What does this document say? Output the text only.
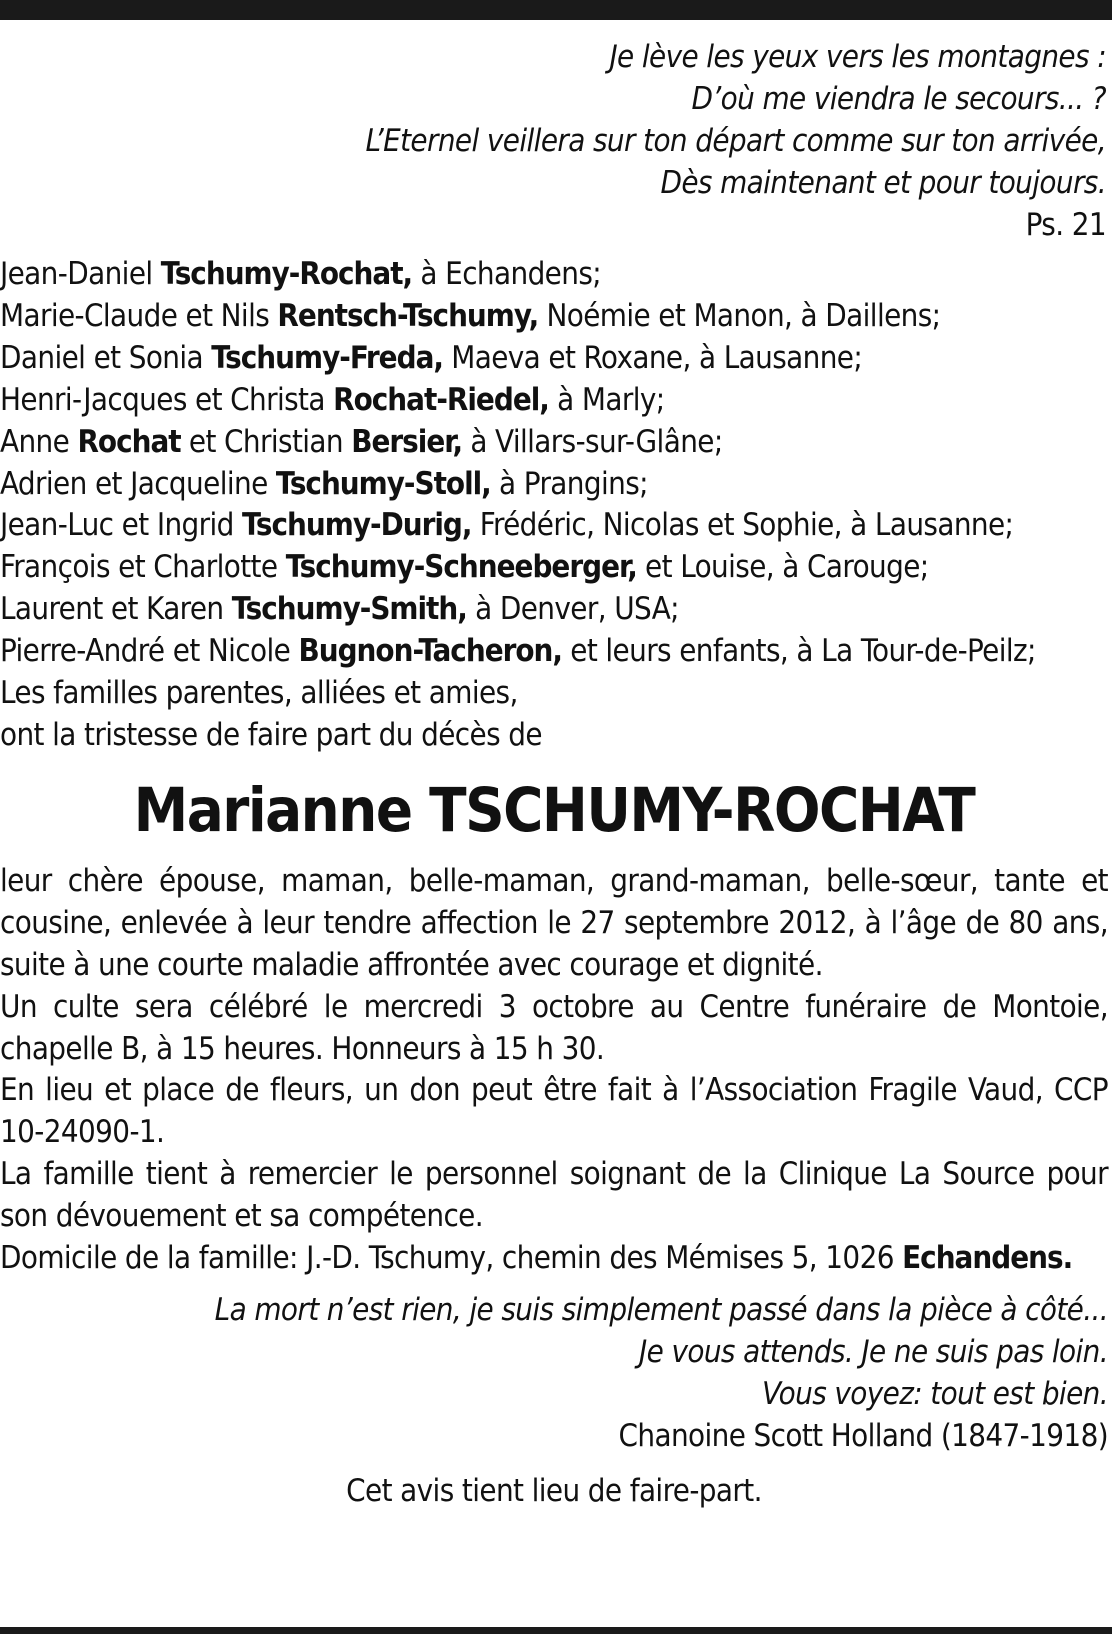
Je lève les yeux vers les montagnes :
D’où me viendra le secours... ?
L’Eternel veillera sur ton départ comme sur ton arrivée,
Dès maintenant et pour toujours.
Ps. 21
Jean-Daniel Tschumy-Rochat, à Echandens;
Marie-Claude et Nils Rentsch-Tschumy, Noémie et Manon, à Daillens;
Daniel et Sonia Tschumy-Freda, Maeva et Roxane, à Lausanne;
Henri-Jacques et Christa Rochat-Riedel, à Marly;
Anne Rochat et Christian Bersier, à Villars-sur-Glâne;
Adrien et Jacqueline Tschumy-Stoll, à Prangins;
Jean-Luc et Ingrid Tschumy-Durig, Frédéric, Nicolas et Sophie, à Lausanne;
François et Charlotte Tschumy-Schneeberger, et Louise, à Carouge;
Laurent et Karen Tschumy-Smith, à Denver, USA;
Pierre-André et Nicole Bugnon-Tacheron, et leurs enfants, à La Tour-de-Peilz;
Les familles parentes, alliées et amies,
ont la tristesse de faire part du décès de
Marianne TSCHUMY-ROCHAT

leur chère épouse, maman, belle-maman, grand-maman, belle-sœur, tante et cousine, enlevée à leur tendre affection le 27 septembre 2012, à l’âge de 80 ans, suite à une courte maladie affrontée avec courage et dignité.

Un culte sera célébré le mercredi 3 octobre au Centre funéraire de Montoie, chapelle B, à 15 heures. Honneurs à 15 h 30.

En lieu et place de fleurs, un don peut être fait à l’Association Fragile Vaud, CCP 10-24090-1.

La famille tient à remercier le personnel soignant de la Clinique La Source pour son dévouement et sa compétence.

Domicile de la famille: J.-D. Tschumy, chemin des Mémises 5, 1026 Echandens.

La mort n’est rien, je suis simplement passé dans la pièce à côté...
Je vous attends. Je ne suis pas loin.
Vous voyez: tout est bien.
Chanoine Scott Holland (1847-1918)
Cet avis tient lieu de faire-part.
